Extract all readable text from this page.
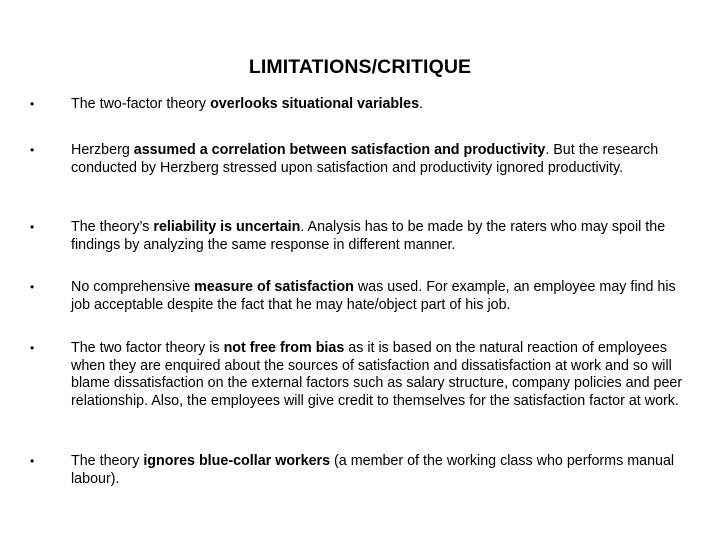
LIMITATIONS/CRITIQUE
•	The two-factor theory overlooks situational variables.
•	Herzberg assumed a correlation between satisfaction and productivity. But the research conducted by Herzberg stressed upon satisfaction and productivity ignored productivity.
•	The theory’s reliability is uncertain. Analysis has to be made by the raters who may spoil the findings by analyzing the same response in different manner.
•	No comprehensive measure of satisfaction was used. For example, an employee may find his job acceptable despite the fact that he may hate/object part of his job.
•	The two factor theory is not free from bias as it is based on the natural reaction of employees when they are enquired about the sources of satisfaction and dissatisfaction at work and so will blame dissatisfaction on the external factors such as salary structure, company policies and peer relationship. Also, the employees will give credit to themselves for the satisfaction factor at work.
•	The theory ignores blue-collar workers (a member of the working class who performs manual labour).
